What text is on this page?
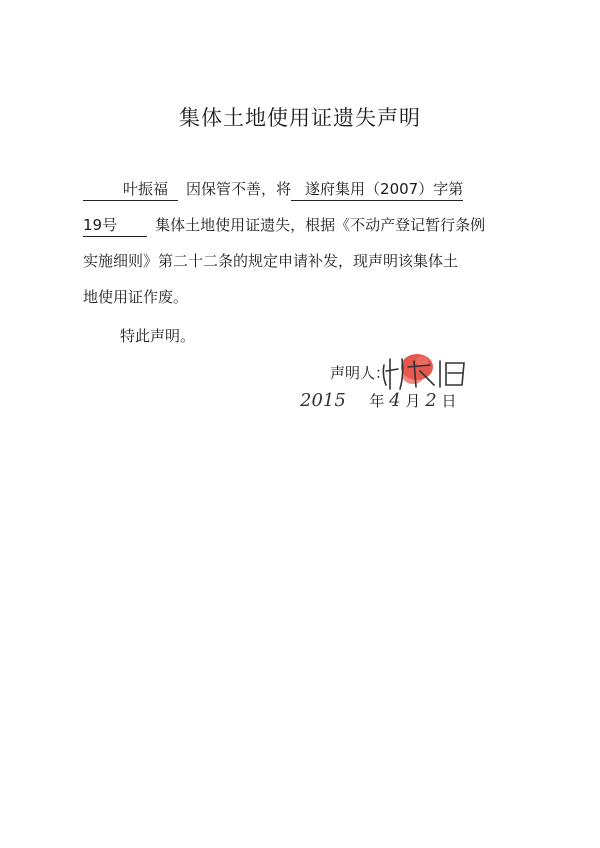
集体土地使用证遗失声明
叶振福 因保管不善，将 遂府集用（2007）字第
19号	集体土地使用证遗失，根据《不动产登记暂行条例
实施细则》第二十二条的规定申请补发，现声明该集体土
地使用证作废。
特此声明。
声明人：
2015 年 4 月 2 日
